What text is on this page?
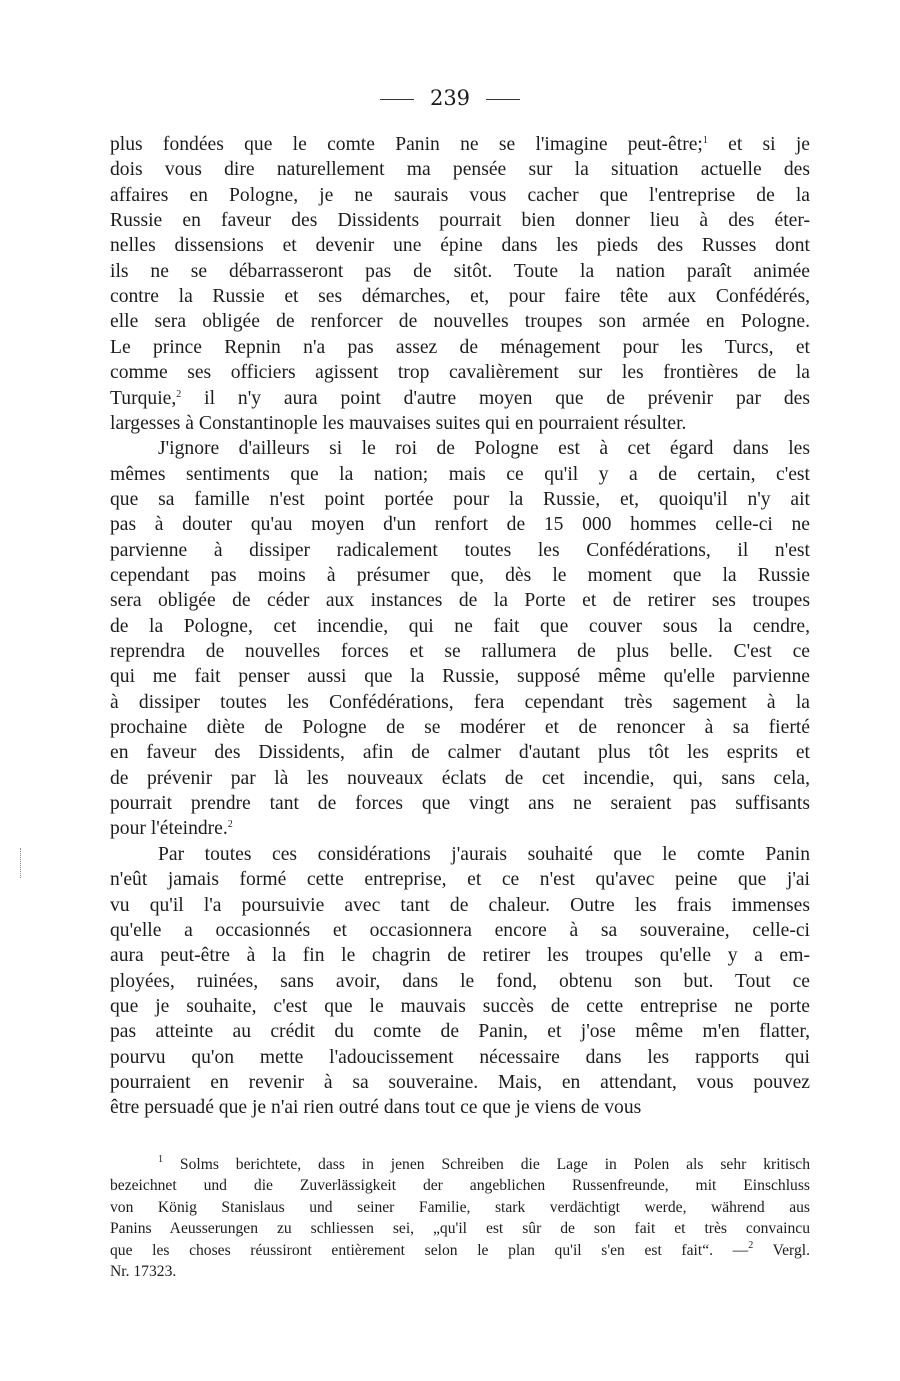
239
plus fondées que le comte Panin ne se l'imagine peut-être;$^1$ et si je
dois vous dire naturellement ma pensée sur la situation actuelle des
affaires en Pologne, je ne saurais vous cacher que l'entreprise de la
Russie en faveur des Dissidents pourrait bien donner lieu à des éter-
nelles dissensions et devenir une épine dans les pieds des Russes dont
ils ne se débarrasseront pas de sitôt. Toute la nation paraît animée
contre la Russie et ses démarches, et, pour faire tête aux Confédérés,
elle sera obligée de renforcer de nouvelles troupes son armée en Pologne.
Le prince Repnin n'a pas assez de ménagement pour les Turcs, et
comme ses officiers agissent trop cavalièrement sur les frontières de la
Turquie,$^2$ il n'y aura point d'autre moyen que de prévenir par des
largesses à Constantinople les mauvaises suites qui en pourraient résulter.
J'ignore d'ailleurs si le roi de Pologne est à cet égard dans les
mêmes sentiments que la nation; mais ce qu'il y a de certain, c'est
que sa famille n'est point portée pour la Russie, et, quoiqu'il n'y ait
pas à douter qu'au moyen d'un renfort de 15 000 hommes celle-ci ne
parvienne à dissiper radicalement toutes les Confédérations, il n'est
cependant pas moins à présumer que, dès le moment que la Russie
sera obligée de céder aux instances de la Porte et de retirer ses troupes
de la Pologne, cet incendie, qui ne fait que couver sous la cendre,
reprendra de nouvelles forces et se rallumera de plus belle. C'est ce
qui me fait penser aussi que la Russie, supposé même qu'elle parvienne
à dissiper toutes les Confédérations, fera cependant très sagement à la
prochaine diète de Pologne de se modérer et de renoncer à sa fierté
en faveur des Dissidents, afin de calmer d'autant plus tôt les esprits et
de prévenir par là les nouveaux éclats de cet incendie, qui, sans cela,
pourrait prendre tant de forces que vingt ans ne seraient pas suffisants
pour l'éteindre.$^2$
Par toutes ces considérations j'aurais souhaité que le comte Panin
n'eût jamais formé cette entreprise, et ce n'est qu'avec peine que j'ai
vu qu'il l'a poursuivie avec tant de chaleur. Outre les frais immenses
qu'elle a occasionnés et occasionnera encore à sa souveraine, celle-ci
aura peut-être à la fin le chagrin de retirer les troupes qu'elle y a em-
ployées, ruinées, sans avoir, dans le fond, obtenu son but. Tout ce
que je souhaite, c'est que le mauvais succès de cette entreprise ne porte
pas atteinte au crédit du comte de Panin, et j'ose même m'en flatter,
pourvu qu'on mette l'adoucissement nécessaire dans les rapports qui
pourraient en revenir à sa souveraine. Mais, en attendant, vous pouvez
être persuadé que je n'ai rien outré dans tout ce que je viens de vous
$^1$ Solms berichtete, dass in jenen Schreiben die Lage in Polen als sehr kritisch
bezeichnet und die Zuverlässigkeit der angeblichen Russenfreunde, mit Einschluss
von König Stanislaus und seiner Familie, stark verdächtigt werde, während aus
Panins Aeusserungen zu schliessen sei, „qu'il est sûr de son fait et très convaincu
que les choses réussiront entièrement selon le plan qu'il s'en est fait“. —$^2$ Vergl.
Nr. 17323.
